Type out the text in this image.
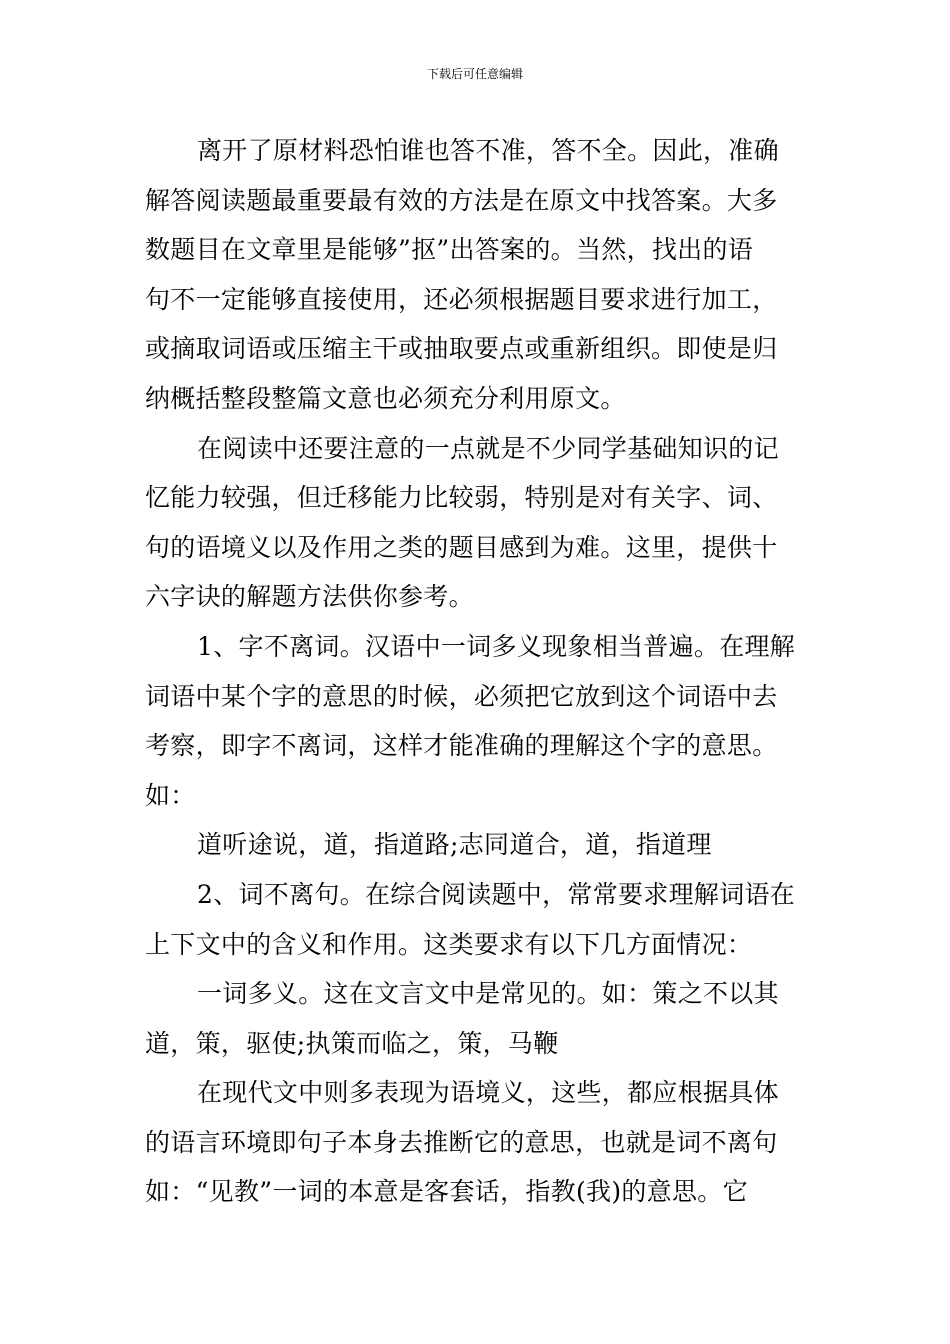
下载后可任意编辑
离开了原材料恐怕谁也答不准，答不全。因此，准确
解答阅读题最重要最有效的方法是在原文中找答案。大多
数题目在文章里是能够”抠”出答案的。当然，找出的语
句不一定能够直接使用，还必须根据题目要求进行加工，
或摘取词语或压缩主干或抽取要点或重新组织。即使是归
纳概括整段整篇文意也必须充分利用原文。
在阅读中还要注意的一点就是不少同学基础知识的记
忆能力较强，但迁移能力比较弱，特别是对有关字、词、
句的语境义以及作用之类的题目感到为难。这里，提供十
六字诀的解题方法供你参考。
1、字不离词。汉语中一词多义现象相当普遍。在理解
词语中某个字的意思的时候，必须把它放到这个词语中去
考察，即字不离词，这样才能准确的理解这个字的意思。
如：
道听途说，道，指道路;志同道合，道，指道理
2、词不离句。在综合阅读题中，常常要求理解词语在
上下文中的含义和作用。这类要求有以下几方面情况：
一词多义。这在文言文中是常见的。如：策之不以其
道，策，驱使;执策而临之，策，马鞭
在现代文中则多表现为语境义，这些，都应根据具体
的语言环境即句子本身去推断它的意思，也就是词不离句
如：“见教”一词的本意是客套话，指教(我)的意思。它
